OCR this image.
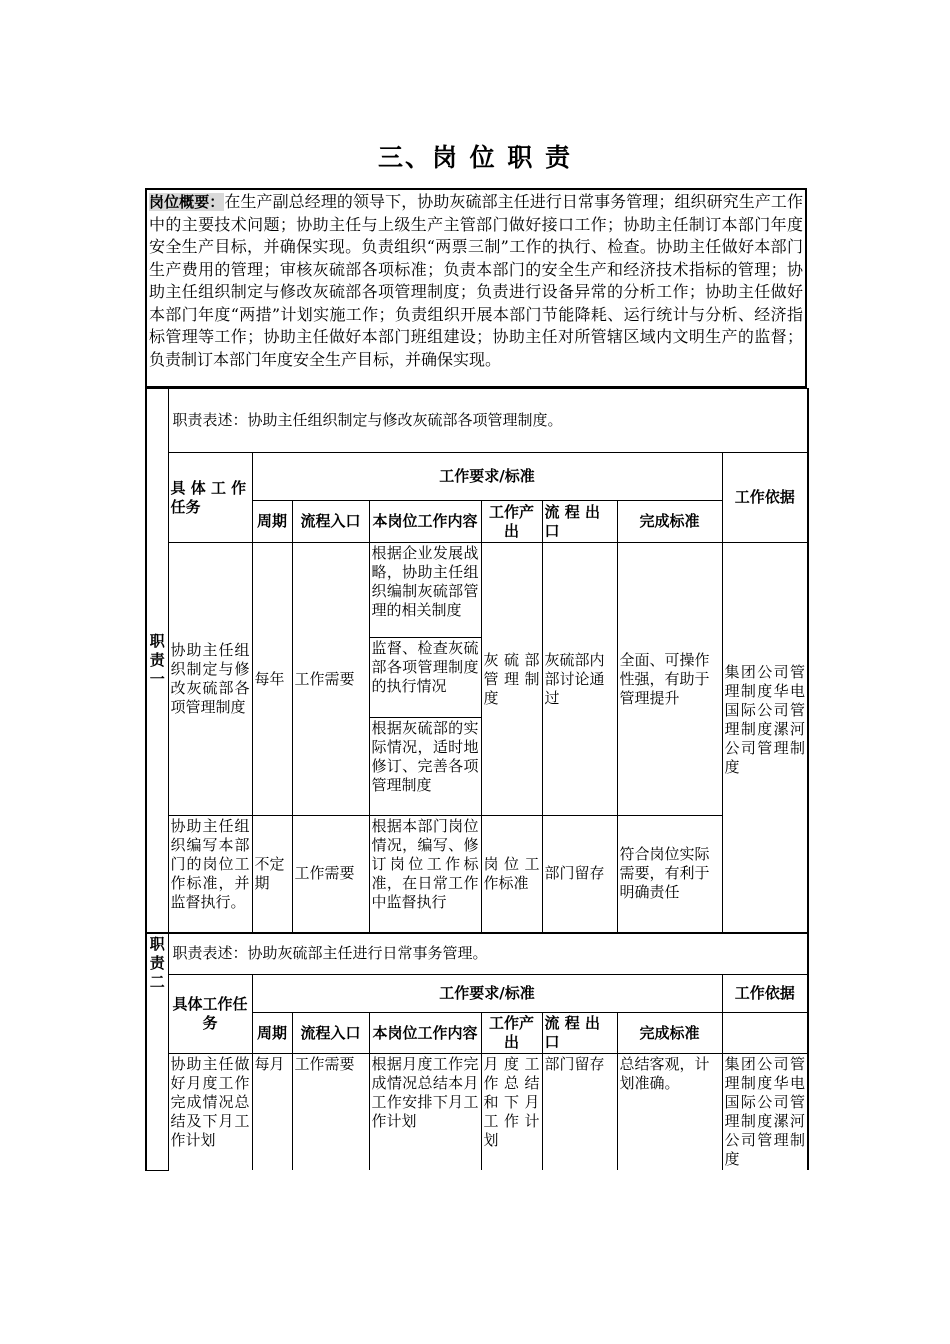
三、岗 位 职 责
岗位概要：在生产副总经理的领导下，协助灰硫部主任进行日常事务管理；组织研究生产工作中的主要技术问题；协助主任与上级生产主管部门做好接口工作；协助主任制订本部门年度安全生产目标，并确保实现。负责组织“两票三制”工作的执行、检查。协助主任做好本部门生产费用的管理；审核灰硫部各项标准；负责本部门的安全生产和经济技术指标的管理；协助主任组织制定与修改灰硫部各项管理制度；负责进行设备异常的分析工作；协助主任做好本部门年度“两措”计划实施工作；负责组织开展本部门节能降耗、运行统计与分析、经济指标管理等工作；协助主任做好本部门班组建设；协助主任对所管辖区域内文明生产的监督；负责制订本部门年度安全生产目标，并确保实现。
职责一	职责表述：协助主任组织制定与修改灰硫部各项管理制度。							
	具 体 工 作任务	工作要求/标准						工作依据
		周期	流程入口	本岗位工作内容	工作产出	流 程 出口	完成标准	
	协助主任组织制定与修改灰硫部各项管理制度	每年	工作需要	根据企业发展战略，协助主任组织编制灰硫部管理的相关制度	灰硫部管理制度	灰硫部内部讨论通过	全面、可操作性强，有助于管理提升	集团公司管理制度华电国际公司管理制度漯河公司管理制度
				监督、检查灰硫部各项管理制度的执行情况				
				根据灰硫部的实际情况，适时地修订、完善各项管理制度				
	协助主任组织编写本部门的岗位工作标准，并监督执行。	不定期	工作需要	根据本部门岗位情况，编写、修订岗位工作标准，在日常工作中监督执行	岗位工作标准	部门留存	符合岗位实际需要，有利于明确责任	
职责二	职责表述：协助灰硫部主任进行日常事务管理。							
	具体工作任务	工作要求/标准						工作依据
		周期	流程入口	本岗位工作内容	工作产出	流 程 出口	完成标准	
	协助主任做好月度工作完成情况总结及下月工作计划	每月	工作需要	根据月度工作完成情况总结本月工作安排下月工作计划	月度工作总结和下月工作计划	部门留存	总结客观，计划准确。	集团公司管理制度华电国际公司管理制度漯河公司管理制度
